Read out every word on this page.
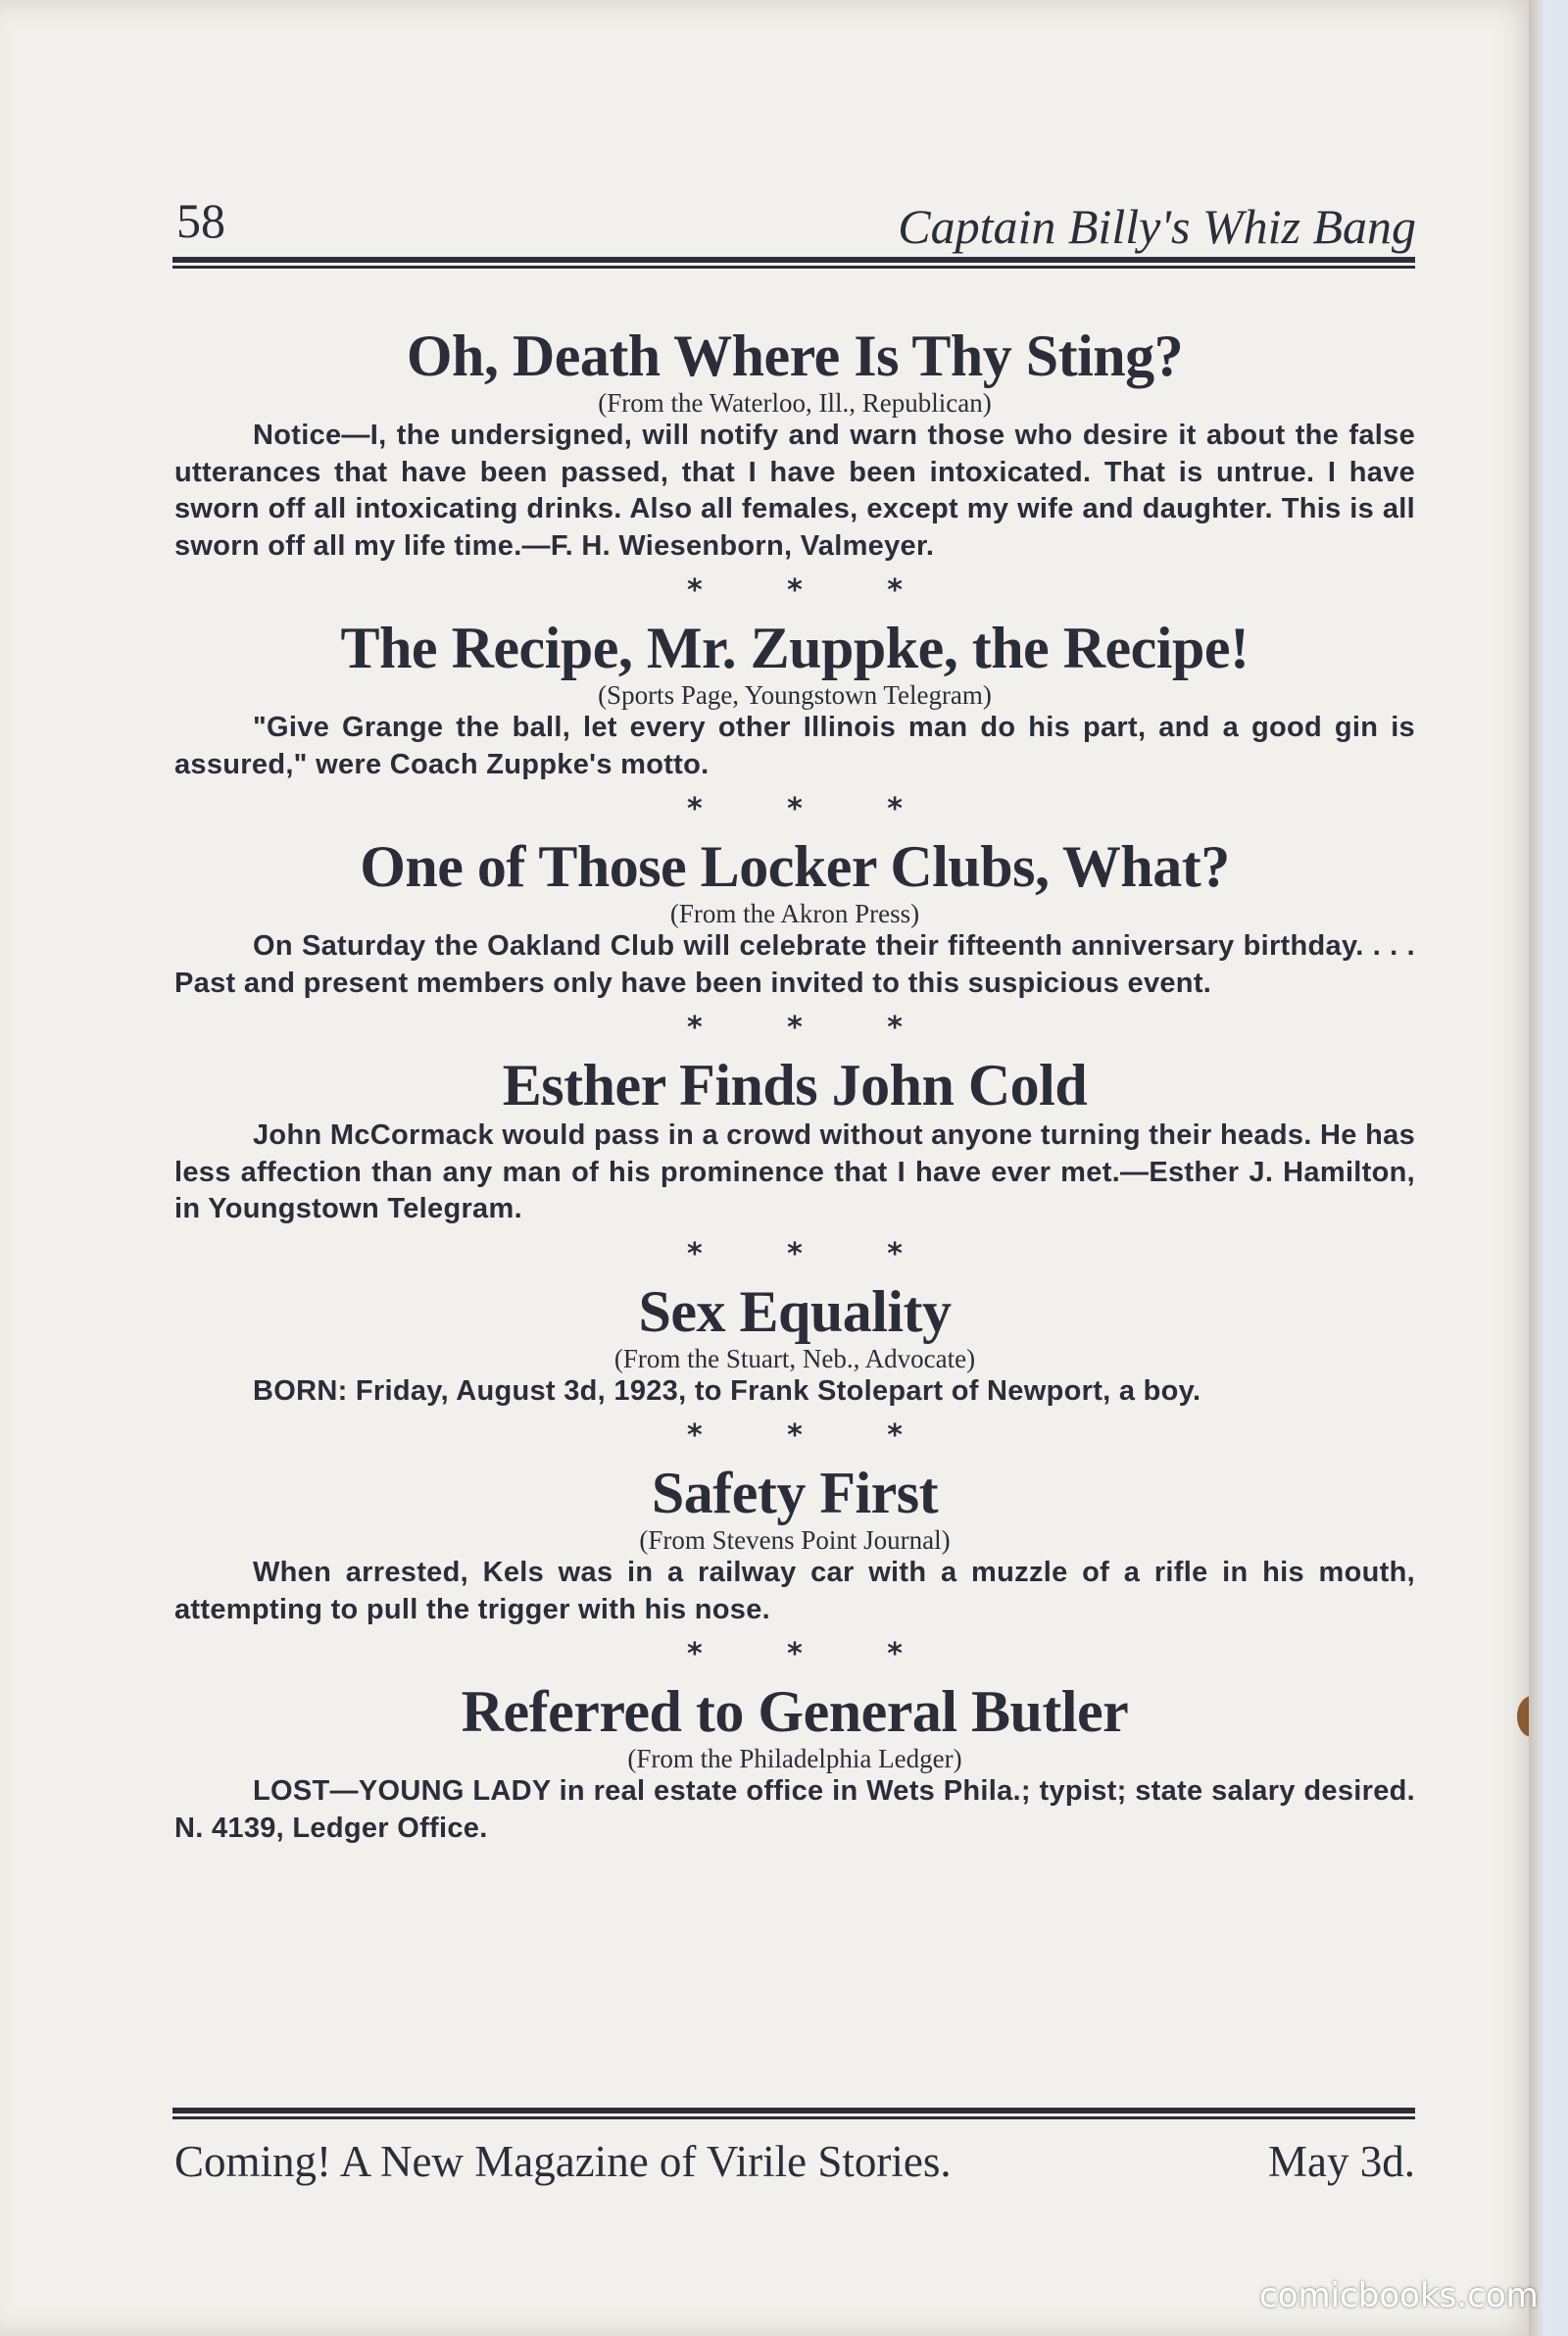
58	Captain Billy's Whiz Bang
Oh, Death Where Is Thy Sting?

(From the Waterloo, Ill., Republican)

Notice—I, the undersigned, will notify and warn those who desire it about the false utterances that have been passed, that I have been intoxicated. That is untrue. I have sworn off all intoxicating drinks. Also all females, except my wife and daughter. This is all sworn off all my life time.—F. H. Wiesenborn, Valmeyer.

* * *
The Recipe, Mr. Zuppke, the Recipe!

(Sports Page, Youngstown Telegram)

"Give Grange the ball, let every other Illinois man do his part, and a good gin is assured," were Coach Zuppke's motto.

* * *
One of Those Locker Clubs, What?

(From the Akron Press)

On Saturday the Oakland Club will celebrate their fifteenth anniversary birthday. . . . Past and present members only have been invited to this suspicious event.

* * *
Esther Finds John Cold

John McCormack would pass in a crowd without anyone turning their heads. He has less affection than any man of his prominence that I have ever met.—Esther J. Hamilton, in Youngstown Telegram.

* * *
Sex Equality

(From the Stuart, Neb., Advocate)

BORN: Friday, August 3d, 1923, to Frank Stolepart of Newport, a boy.

* * *
Safety First

(From Stevens Point Journal)

When arrested, Kels was in a railway car with a muzzle of a rifle in his mouth, attempting to pull the trigger with his nose.

* * *
Referred to General Butler

(From the Philadelphia Ledger)

LOST—YOUNG LADY in real estate office in Wets Phila.; typist; state salary desired. N. 4139, Ledger Office.

Coming! A New Magazine of Virile Stories.	May 3d.
comicbooks.com
